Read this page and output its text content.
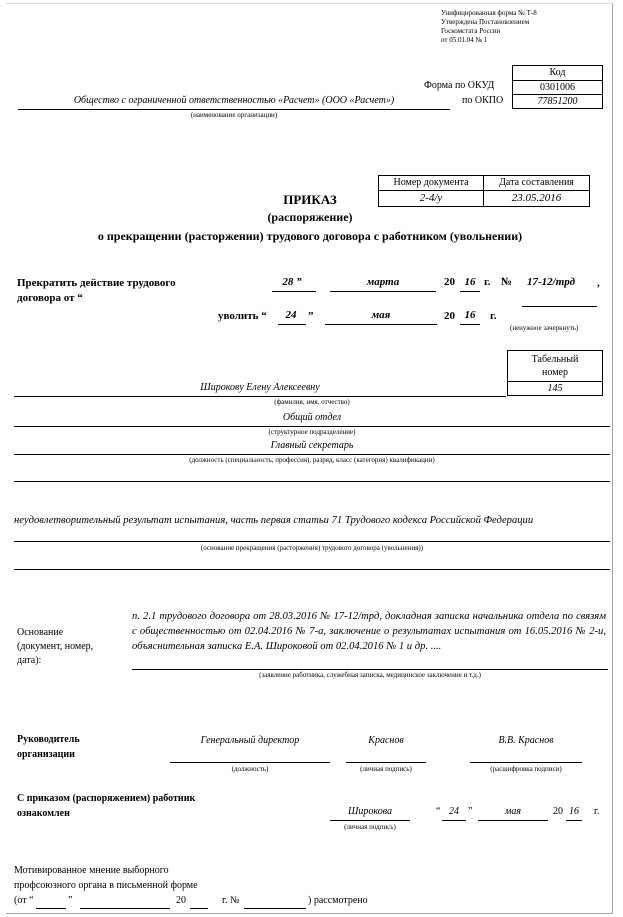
Унифицированная форма № Т-8
Утверждена Постановлением
Госкомстата России
от 05.01.04 № 1
Код
Форма по ОКУД	0301006
Общество с ограниченной ответственностью «Расчет» (ООО «Расчет»)	по ОКПО	77851200
(наименование организации)
Номер документа	Дата составления
2-4/у	23.05.2016
ПРИКАЗ
(распоряжение)
о прекращении (расторжении) трудового договора с работником (увольнении)
Прекратить действие трудового
договора от “
28 ”	марта	20 16 г. № 17-12/трд ,
уволить “	24	”	мая	20 16	г.
(ненужное зачеркнуть)
Табельный
номер
145
Широкову Елену Алексеевну
(фамилия, имя, отчество)
Общий отдел
(структурное подразделение)
Главный секретарь
(должность (специальность, профессия), разряд, класс (категория) квалификации)
неудовлетворительный результат испытания, часть первая статьи 71 Трудового кодекса Российской Федерации
(основание прекращения (расторжения) трудового договора (увольнения))
Основание
(документ, номер,
дата):
п. 2.1 трудового договора от 28.03.2016 № 17-12/трд, докладная записка начальника отдела по связям с общественностью от 02.04.2016 № 7-а, заключение о результатах испытания от 16.05.2016 № 2-и, объяснительная записка Е.А. Широковой от 02.04.2016 № 1 и др. ....
(заявление работника, служебная записка, медицинское заключение и т.д.)
Руководитель
организации
Генеральный директор	Краснов	В.В. Краснов
(должность)	(личная подпись)	(расшифровка подписи)
С приказом (распоряжением) работник
ознакомлен	Широкова
(личная подпись)
“ 24 ”	мая	20 16	г.
Мотивированное мнение выборного
профсоюзного органа в письменной форме
(от “	”	20	г. №	) рассмотрено
